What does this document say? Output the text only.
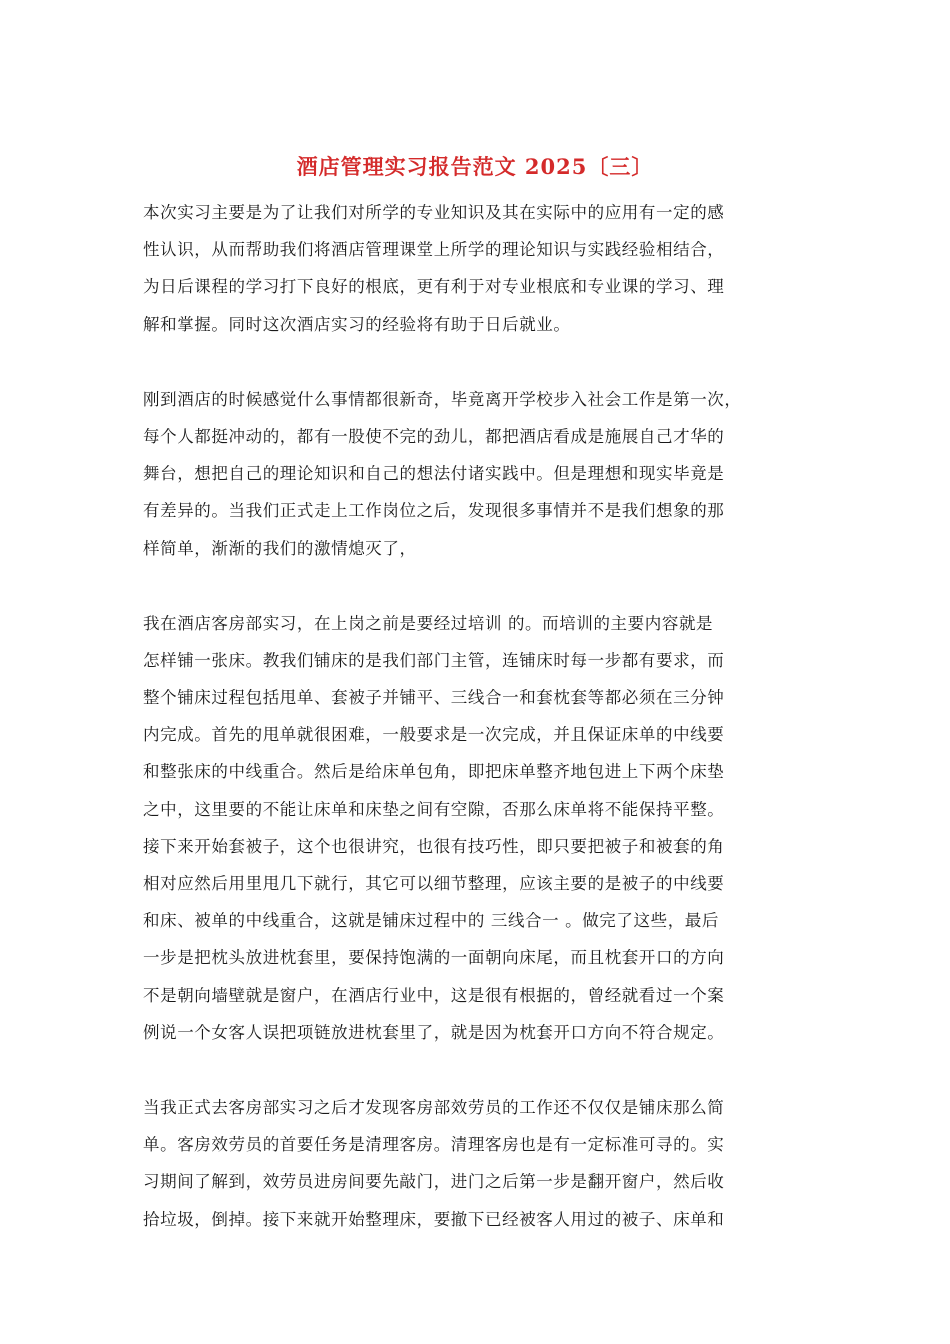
酒店管理实习报告范文 2025〔三〕
本次实习主要是为了让我们对所学的专业知识及其在实际中的应用有一定的感
性认识，从而帮助我们将酒店管理课堂上所学的理论知识与实践经验相结合，
为日后课程的学习打下良好的根底，更有利于对专业根底和专业课的学习、理
解和掌握。同时这次酒店实习的经验将有助于日后就业。
刚到酒店的时候感觉什么事情都很新奇，毕竟离开学校步入社会工作是第一次，
每个人都挺冲动的，都有一股使不完的劲儿，都把酒店看成是施展自己才华的
舞台，想把自己的理论知识和自己的想法付诸实践中。但是理想和现实毕竟是
有差异的。当我们正式走上工作岗位之后，发现很多事情并不是我们想象的那
样简单，渐渐的我们的激情熄灭了，
我在酒店客房部实习，在上岗之前是要经过培训 的。而培训的主要内容就是
怎样铺一张床。教我们铺床的是我们部门主管，连铺床时每一步都有要求，而
整个铺床过程包括甩单、套被子并铺平、三线合一和套枕套等都必须在三分钟
内完成。首先的甩单就很困难，一般要求是一次完成，并且保证床单的中线要
和整张床的中线重合。然后是给床单包角，即把床单整齐地包进上下两个床垫
之中，这里要的不能让床单和床垫之间有空隙，否那么床单将不能保持平整。
接下来开始套被子，这个也很讲究，也很有技巧性，即只要把被子和被套的角
相对应然后用里甩几下就行，其它可以细节整理，应该主要的是被子的中线要
和床、被单的中线重合，这就是铺床过程中的 三线合一 。做完了这些，最后
一步是把枕头放进枕套里，要保持饱满的一面朝向床尾，而且枕套开口的方向
不是朝向墙壁就是窗户，在酒店行业中，这是很有根据的，曾经就看过一个案
例说一个女客人误把项链放进枕套里了，就是因为枕套开口方向不符合规定。
当我正式去客房部实习之后才发现客房部效劳员的工作还不仅仅是铺床那么简
单。客房效劳员的首要任务是清理客房。清理客房也是有一定标准可寻的。实
习期间了解到，效劳员进房间要先敲门，进门之后第一步是翻开窗户，然后收
拾垃圾，倒掉。接下来就开始整理床，要撤下已经被客人用过的被子、床单和
